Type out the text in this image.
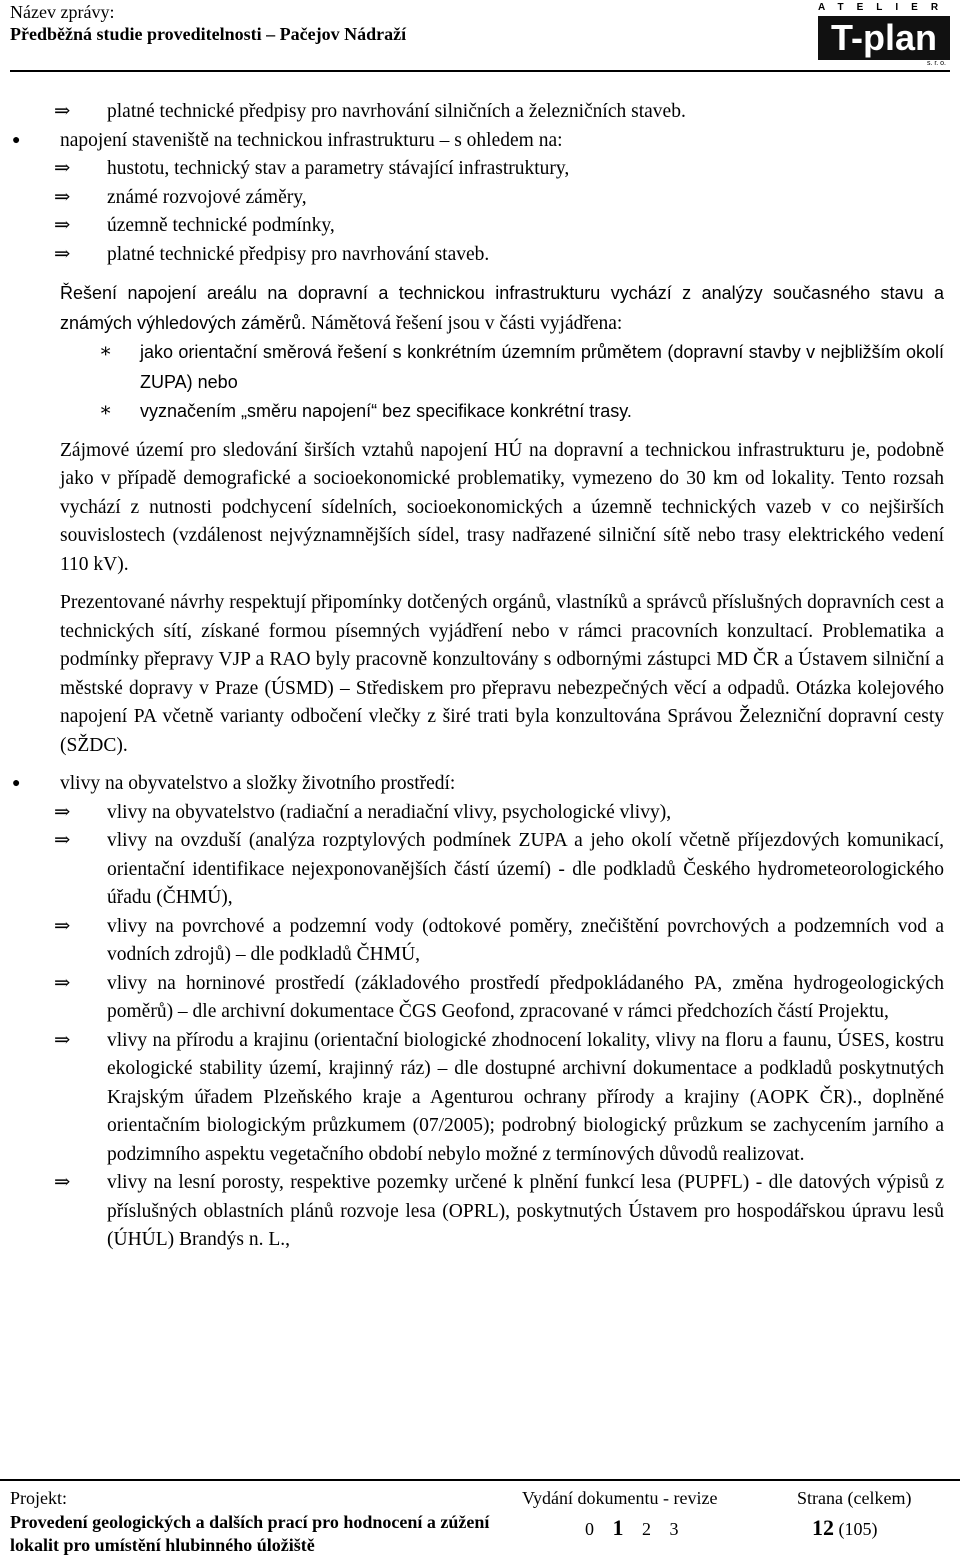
Název zprávy:
Předběžná studie proveditelnosti – Pačejov Nádraží
ATELIER
T-plan
s. r. o.
⇒ platné technické předpisy pro navrhování silničních a železničních staveb.
● napojení staveniště na technickou infrastrukturu – s ohledem na:
⇒ hustotu, technický stav a parametry stávající infrastruktury,
⇒ známé rozvojové záměry,
⇒ územně technické podmínky,
⇒ platné technické předpisy pro navrhování staveb.
Řešení napojení areálu na dopravní a technickou infrastrukturu vychází z analýzy současného stavu a známých výhledových záměrů. Námětová řešení jsou v části vyjádřena:
∗ jako orientační směrová řešení s konkrétním územním průmětem (dopravní stavby v nejbližším okolí ZUPA) nebo
∗ vyznačením „směru napojení“ bez specifikace konkrétní trasy.
Zájmové území pro sledování širších vztahů napojení HÚ na dopravní a technickou infrastrukturu je, podobně jako v případě demografické a socioekonomické problematiky, vymezeno do 30 km od lokality. Tento rozsah vychází z nutnosti podchycení sídelních, socioekonomických a územně technických vazeb v co nejširších souvislostech (vzdálenost nejvýznamnějších sídel, trasy nadřazené silniční sítě nebo trasy elektrického vedení 110 kV).
Prezentované návrhy respektují připomínky dotčených orgánů, vlastníků a správců příslušných dopravních cest a technických sítí, získané formou písemných vyjádření nebo v rámci pracovních konzultací. Problematika a podmínky přepravy VJP a RAO byly pracovně konzultovány s odbornými zástupci MD ČR a Ústavem silniční a městské dopravy v Praze (ÚSMD) – Střediskem pro přepravu nebezpečných věcí a odpadů. Otázka kolejového napojení PA včetně varianty odbočení vlečky z širé trati byla konzultována Správou Železniční dopravní cesty (SŽDC).
● vlivy na obyvatelstvo a složky životního prostředí:
⇒ vlivy na obyvatelstvo (radiační a neradiační vlivy, psychologické vlivy),
⇒ vlivy na ovzduší (analýza rozptylových podmínek ZUPA a jeho okolí včetně příjezdových komunikací, orientační identifikace nejexponovanějších částí území) - dle podkladů Českého hydrometeorologického úřadu (ČHMÚ),
⇒ vlivy na povrchové a podzemní vody (odtokové poměry, znečištění povrchových a podzemních vod a vodních zdrojů) – dle podkladů ČHMÚ,
⇒ vlivy na horninové prostředí (základového prostředí předpokládaného PA, změna hydrogeologických poměrů) – dle archivní dokumentace ČGS Geofond, zpracované v rámci předchozích částí Projektu,
⇒ vlivy na přírodu a krajinu (orientační biologické zhodnocení lokality, vlivy na floru a faunu, ÚSES, kostru ekologické stability území, krajinný ráz) – dle dostupné archivní dokumentace a podkladů poskytnutých Krajským úřadem Plzeňského kraje a Agenturou ochrany přírody a krajiny (AOPK ČR)., doplněné orientačním biologickým průzkumem (07/2005); podrobný biologický průzkum se zachycením jarního a podzimního aspektu vegetačního období nebylo možné z termínových důvodů realizovat.
⇒ vlivy na lesní porosty, respektive pozemky určené k plnění funkcí lesa (PUPFL) - dle datových výpisů z příslušných oblastních plánů rozvoje lesa (OPRL), poskytnutých Ústavem pro hospodářskou úpravu lesů (ÚHÚL) Brandýs n. L.,
Projekt:
Provedení geologických a dalších prací pro hodnocení a zúžení lokalit pro umístění hlubinného úložiště
Vydání dokumentu - revize
0 1 2 3
Strana (celkem)
12 (105)
